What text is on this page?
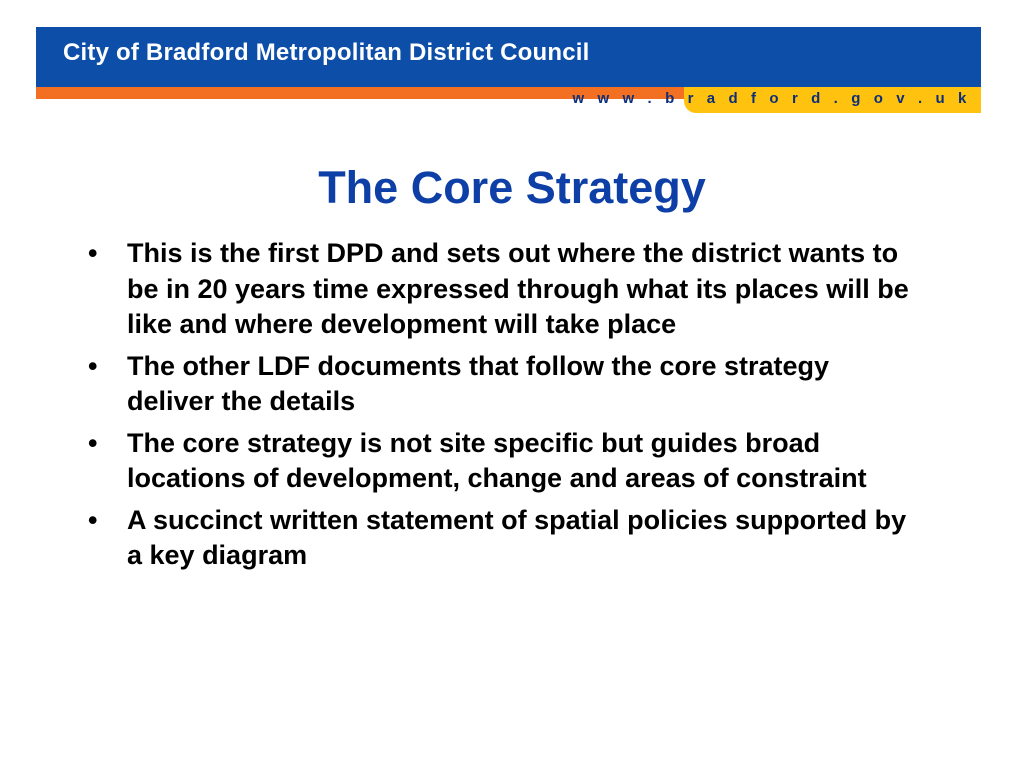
City of Bradford Metropolitan District Council
w w w . b r a d f o r d . g o v . u k
The Core Strategy
• This is the first DPD and sets out where the district wants to be in 20 years time expressed through what its places will be like and where development will take place
• The other LDF documents that follow the core strategy deliver the details
• The core strategy is not site specific but guides broad locations of development, change and areas of constraint
• A succinct written statement of spatial policies supported by a key diagram
